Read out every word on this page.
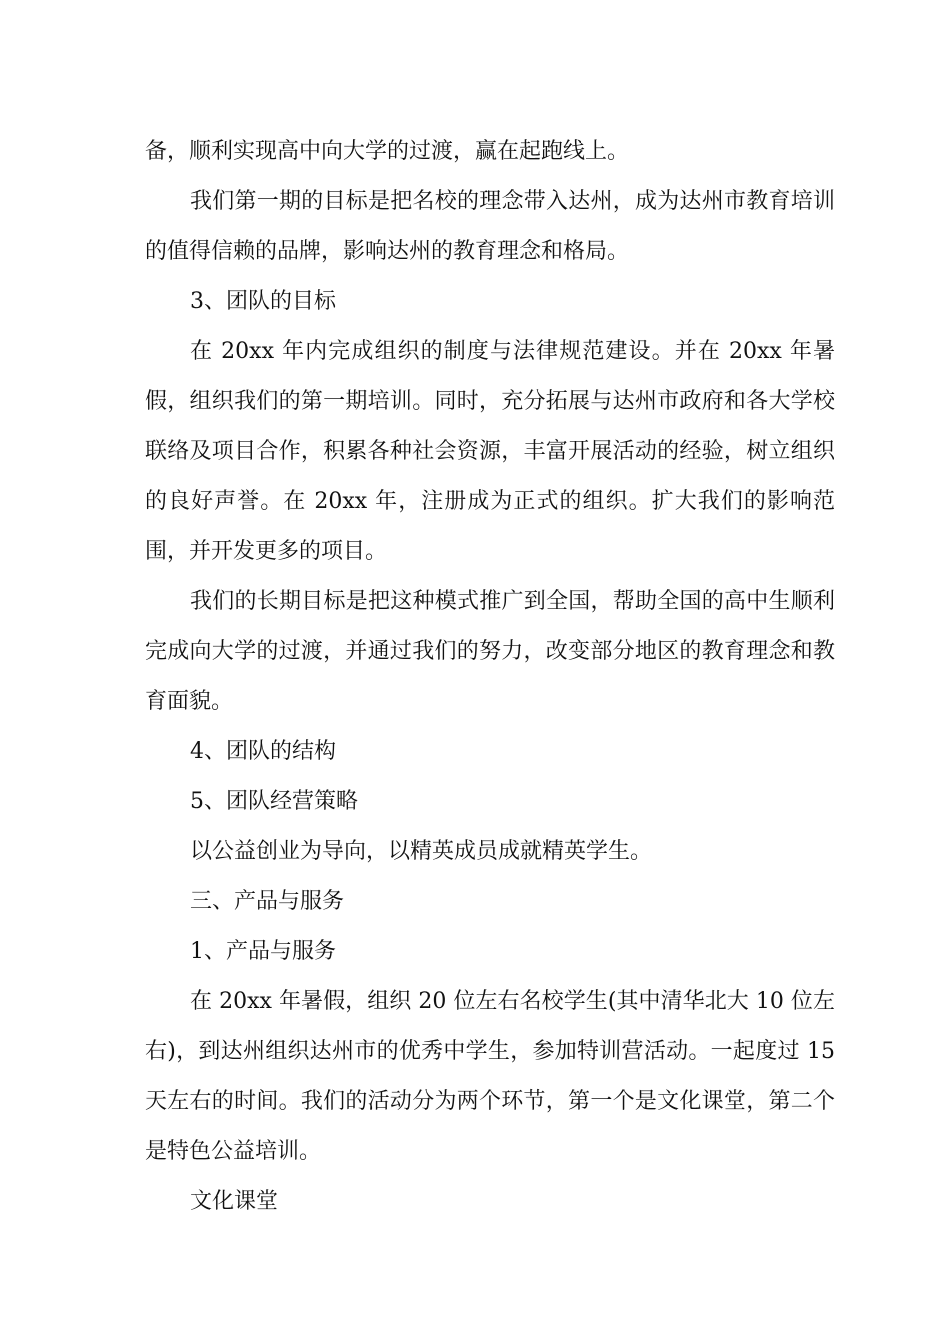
备，顺利实现高中向大学的过渡，赢在起跑线上。

我们第一期的目标是把名校的理念带入达州，成为达州市教育培训的值得信赖的品牌，影响达州的教育理念和格局。

3、团队的目标

在 20xx 年内完成组织的制度与法律规范建设。并在 20xx 年暑假，组织我们的第一期培训。同时，充分拓展与达州市政府和各大学校联络及项目合作，积累各种社会资源，丰富开展活动的经验，树立组织的良好声誉。在 20xx 年，注册成为正式的组织。扩大我们的影响范围，并开发更多的项目。

我们的长期目标是把这种模式推广到全国，帮助全国的高中生顺利完成向大学的过渡，并通过我们的努力，改变部分地区的教育理念和教育面貌。

4、团队的结构

5、团队经营策略

以公益创业为导向，以精英成员成就精英学生。

三、产品与服务

1、产品与服务

在 20xx 年暑假，组织 20 位左右名校学生(其中清华北大 10 位左右)，到达州组织达州市的优秀中学生，参加特训营活动。一起度过 15 天左右的时间。我们的活动分为两个环节，第一个是文化课堂，第二个是特色公益培训。

文化课堂
